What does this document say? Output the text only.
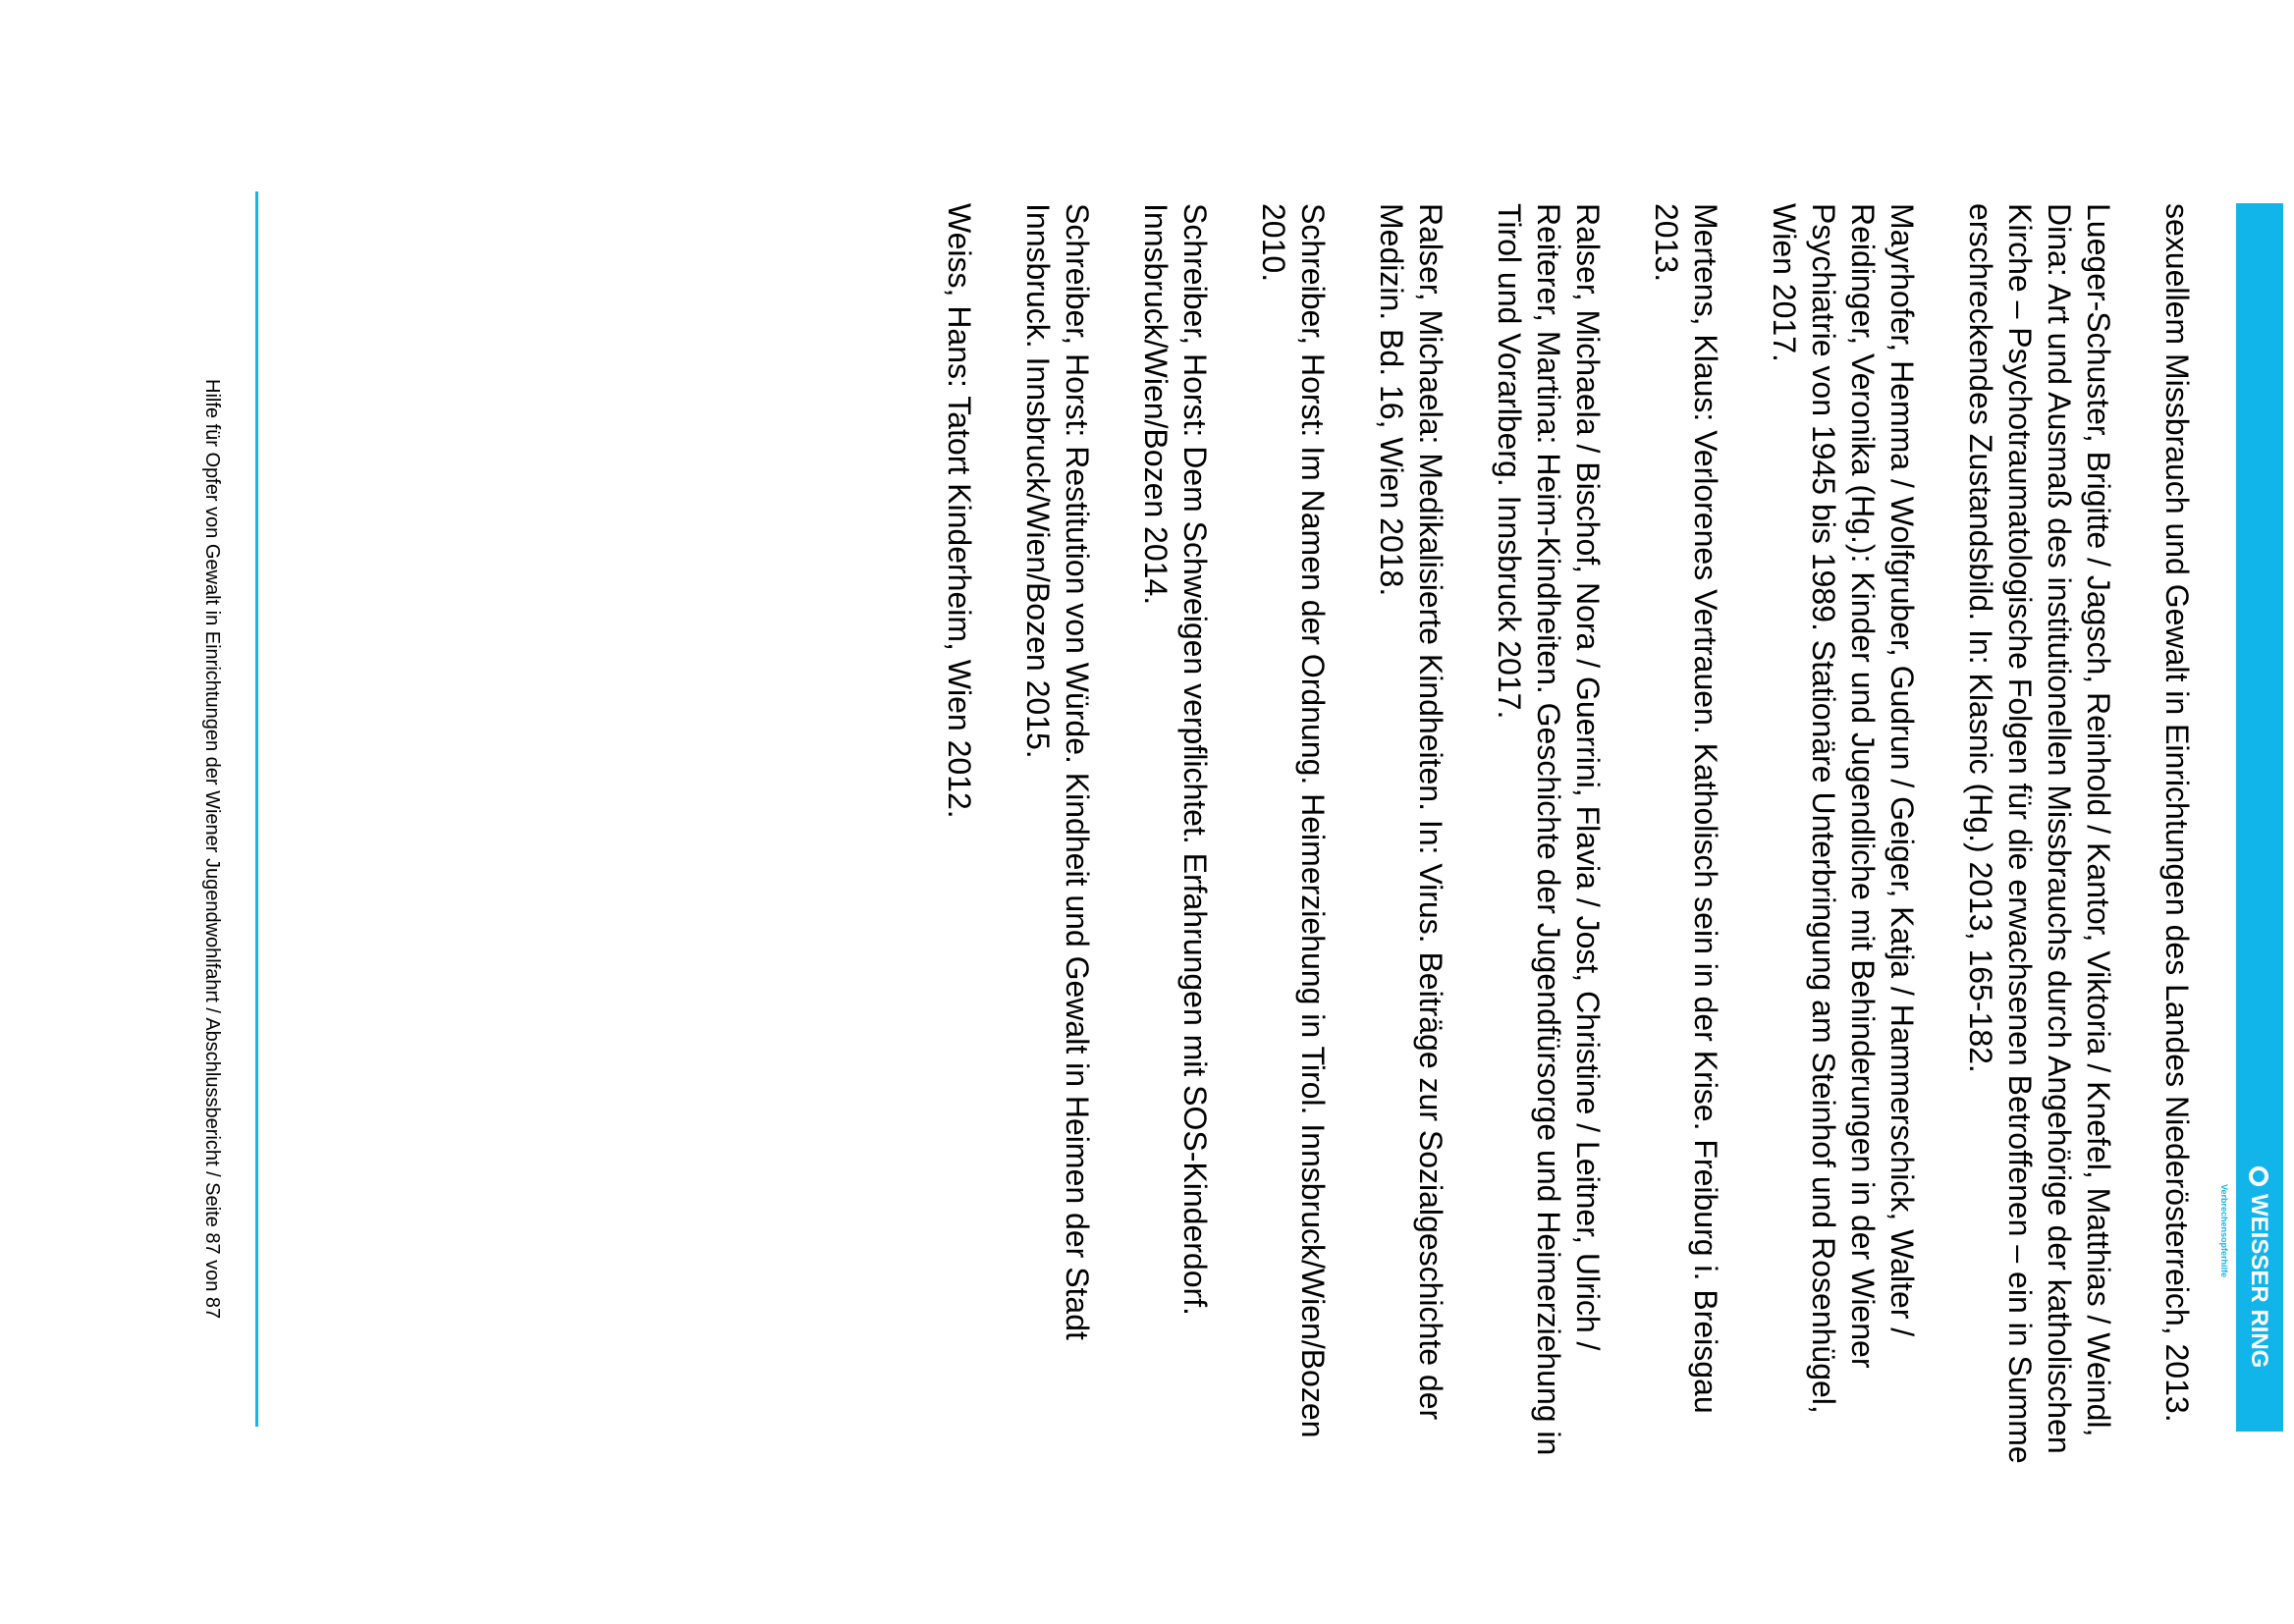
WEISSER RING
Verbrechensopferhilfe

sexuellem Missbrauch und Gewalt in Einrichtungen des Landes Niederösterreich, 2013.

Lueger-Schuster, Brigitte / Jagsch, Reinhold / Kantor, Viktoria / Knefel, Matthias / Weindl, Dina: Art und Ausmaß des institutionellen Missbrauchs durch Angehörige der katholischen Kirche – Psychotraumatologische Folgen für die erwachsenen Betroffenen – ein in Summe erschreckendes Zustandsbild. In: Klasnic (Hg.) 2013, 165-182.

Mayrhofer, Hemma / Wolfgruber, Gudrun / Geiger, Katja / Hammerschick, Walter / Reidinger, Veronika (Hg.): Kinder und Jugendliche mit Behinderungen in der Wiener Psychiatrie von 1945 bis 1989. Stationäre Unterbringung am Steinhof und Rosenhügel, Wien 2017.

Mertens, Klaus: Verlorenes Vertrauen. Katholisch sein in der Krise. Freiburg i. Breisgau 2013.

Ralser, Michaela / Bischof, Nora / Guerrini, Flavia / Jost, Christine / Leitner, Ulrich / Reiterer, Martina: Heim-Kindheiten. Geschichte der Jugendfürsorge und Heimerziehung in Tirol und Vorarlberg. Innsbruck 2017.

Ralser, Michaela: Medikalisierte Kindheiten. In: Virus. Beiträge zur Sozialgeschichte der Medizin. Bd. 16, Wien 2018.

Schreiber, Horst: Im Namen der Ordnung. Heimerziehung in Tirol. Innsbruck/Wien/Bozen 2010.

Schreiber, Horst: Dem Schweigen verpflichtet. Erfahrungen mit SOS-Kinderdorf. Innsbruck/Wien/Bozen 2014.

Schreiber, Horst: Restitution von Würde. Kindheit und Gewalt in Heimen der Stadt Innsbruck. Innsbruck/Wien/Bozen 2015.

Weiss, Hans: Tatort Kinderheim, Wien 2012.

Hilfe für Opfer von Gewalt in Einrichtungen der Wiener Jugendwohlfahrt / Abschlussbericht / Seite 87 von 87
